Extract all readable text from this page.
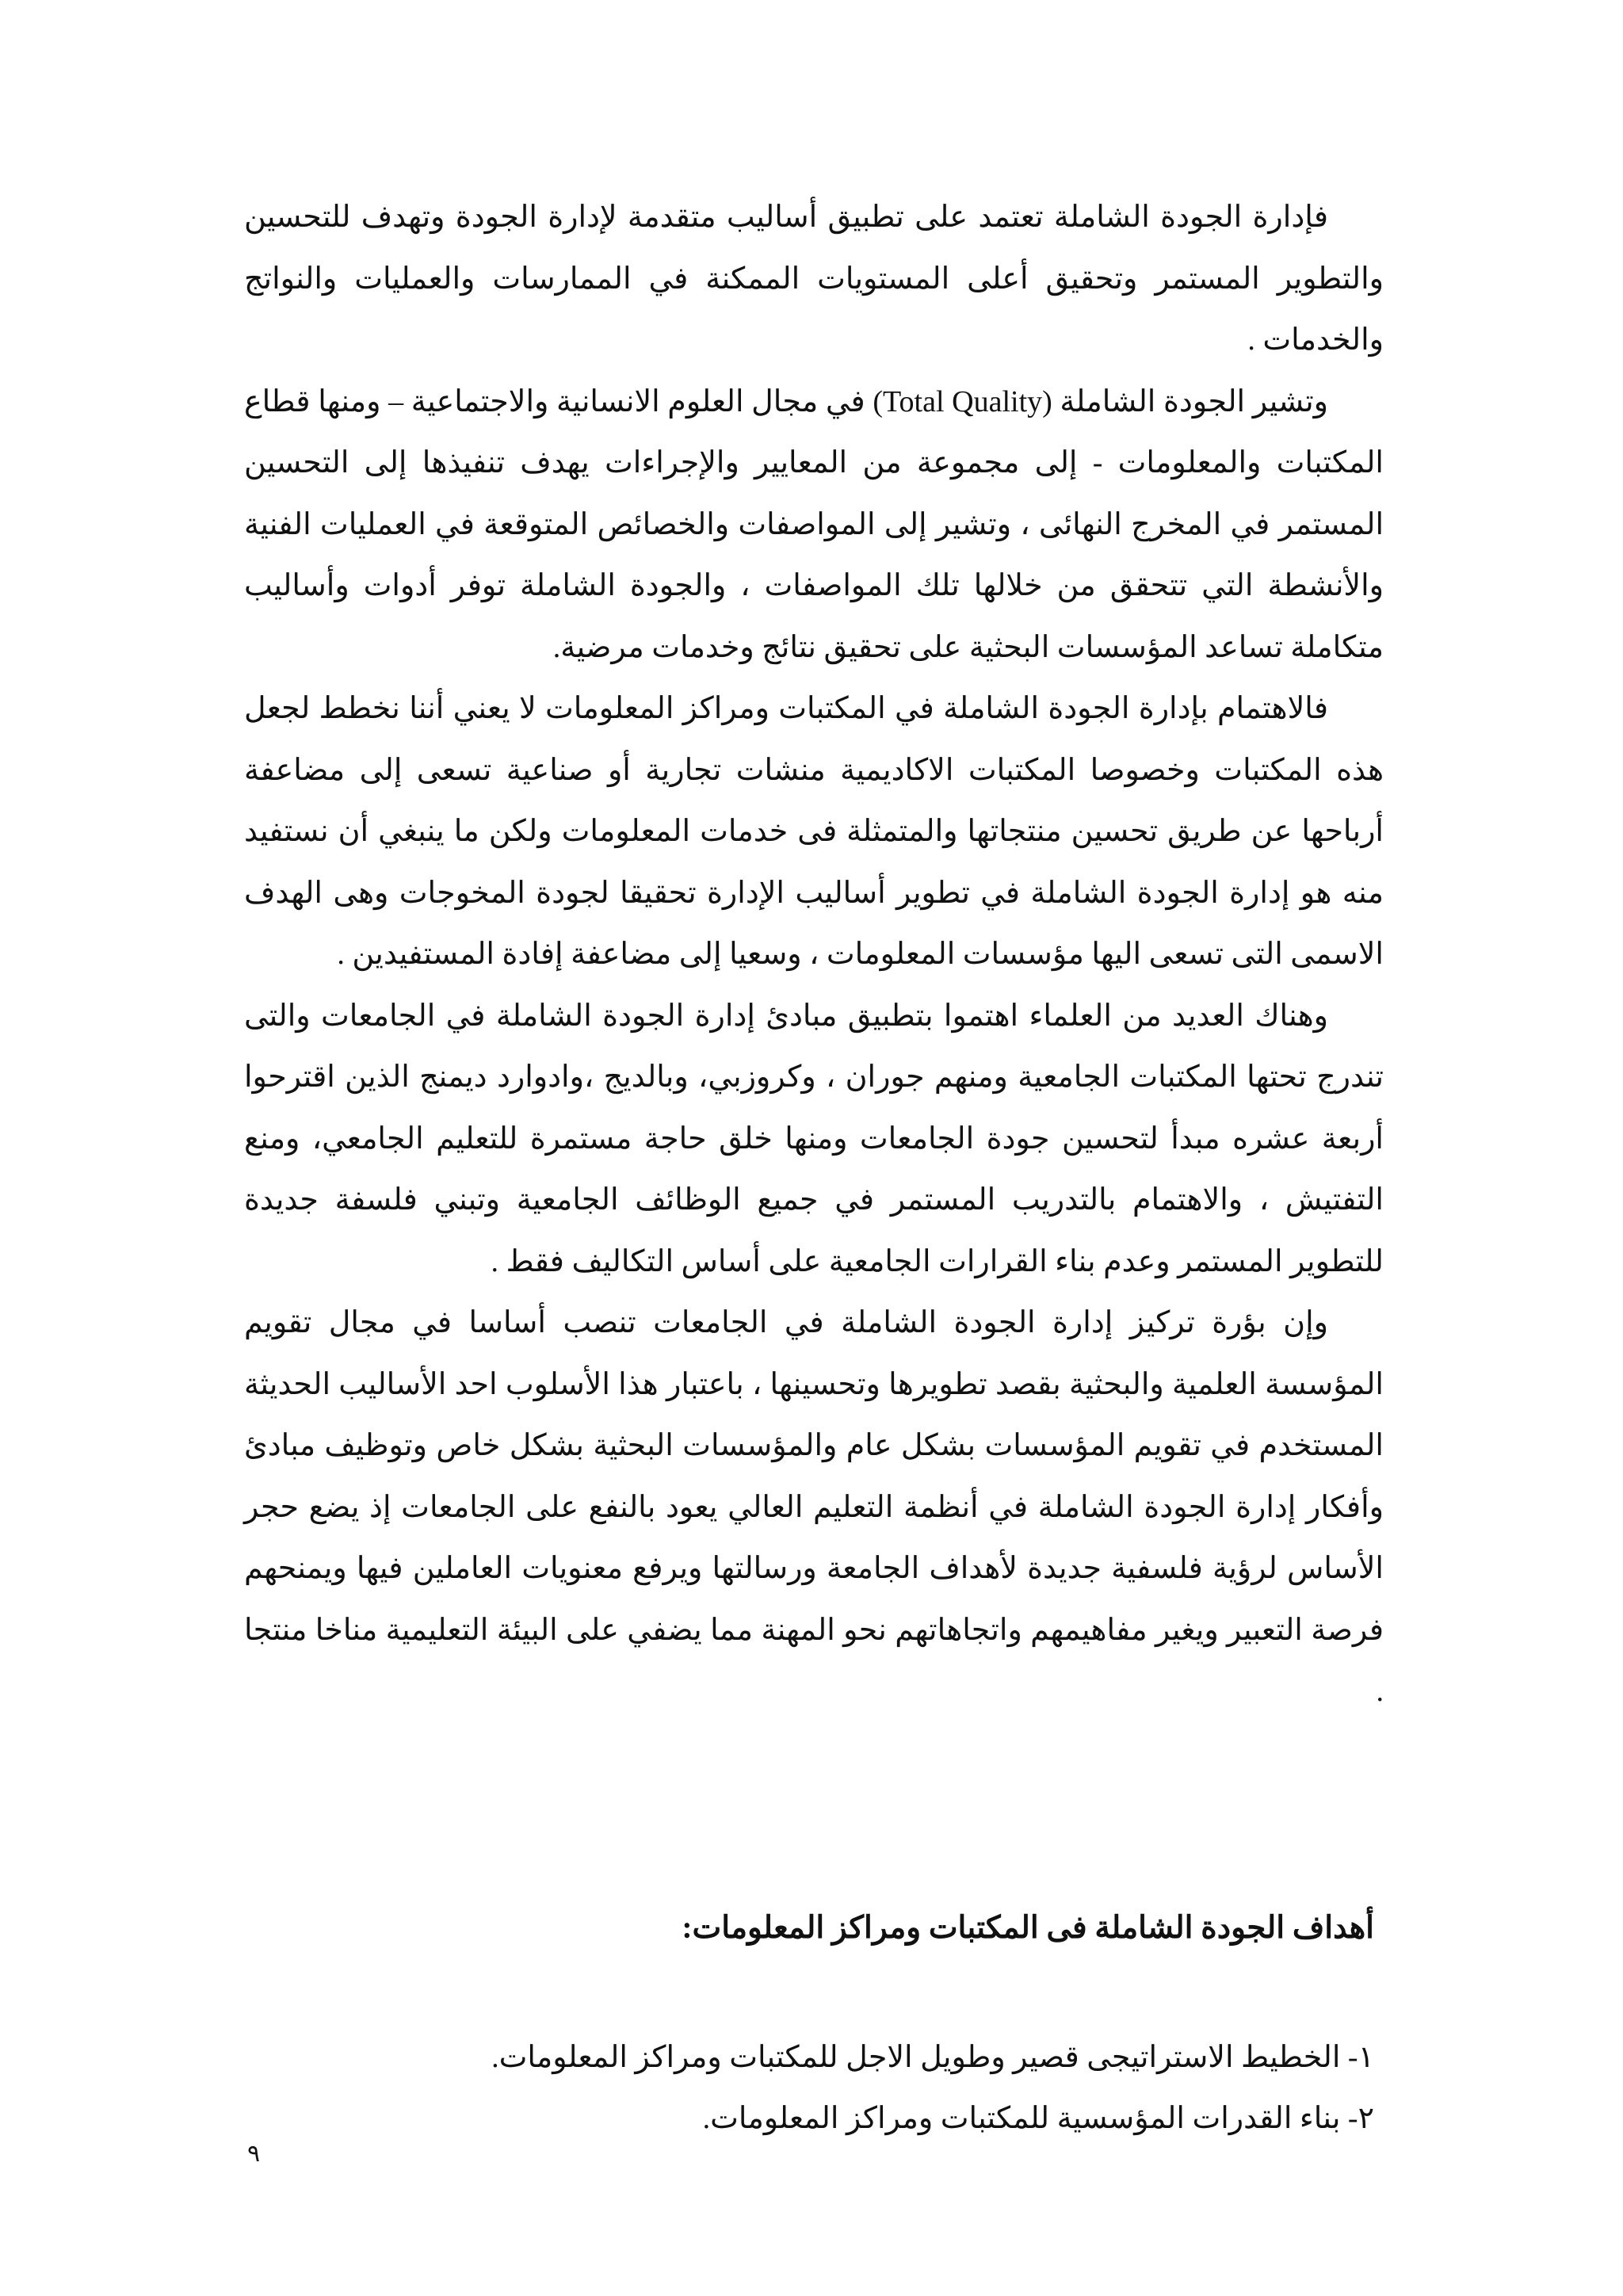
فإدارة الجودة الشاملة تعتمد على تطبيق أساليب متقدمة لإدارة الجودة وتهدف للتحسين والتطوير المستمر وتحقيق أعلى المستويات الممكنة في الممارسات والعمليات والنواتج والخدمات .

وتشير الجودة الشاملة (Total Quality) في مجال العلوم الانسانية والاجتماعية – ومنها قطاع المكتبات والمعلومات - إلى مجموعة من المعايير والإجراءات يهدف تنفيذها إلى التحسين المستمر في المخرج النهائى ، وتشير إلى المواصفات والخصائص المتوقعة في العمليات الفنية والأنشطة التي تتحقق من خلالها تلك المواصفات ، والجودة الشاملة توفر أدوات وأساليب متكاملة تساعد المؤسسات البحثية على تحقيق نتائج وخدمات مرضية.

فالاهتمام بإدارة الجودة الشاملة في المكتبات ومراكز المعلومات لا يعني أننا نخطط لجعل هذه المكتبات وخصوصا المكتبات الاكاديمية منشات تجارية أو صناعية تسعى إلى مضاعفة أرباحها عن طريق تحسين منتجاتها والمتمثلة فى خدمات المعلومات ولكن ما ينبغي أن نستفيد منه هو إدارة الجودة الشاملة في تطوير أساليب الإدارة تحقيقا لجودة المخوجات وهى الهدف الاسمى التى تسعى اليها مؤسسات المعلومات ، وسعيا إلى مضاعفة إفادة المستفيدين .

وهناك العديد من العلماء اهتموا بتطبيق مبادئ إدارة الجودة الشاملة في الجامعات والتى تندرج تحتها المكتبات الجامعية ومنهم جوران ، وكروزبي، وبالديج ،وادوارد ديمنج الذين اقترحوا أربعة عشره مبدأ لتحسين جودة الجامعات ومنها خلق حاجة مستمرة للتعليم الجامعي، ومنع التفتيش ، والاهتمام بالتدريب المستمر في جميع الوظائف الجامعية وتبني فلسفة جديدة للتطوير المستمر وعدم بناء القرارات الجامعية على أساس التكاليف فقط .

وإن بؤرة تركيز إدارة الجودة الشاملة في الجامعات تنصب أساسا في مجال تقويم المؤسسة العلمية والبحثية بقصد تطويرها وتحسينها ، باعتبار هذا الأسلوب احد الأساليب الحديثة المستخدم في تقويم المؤسسات بشكل عام والمؤسسات البحثية بشكل خاص وتوظيف مبادئ وأفكار إدارة الجودة الشاملة في أنظمة التعليم العالي يعود بالنفع على الجامعات إذ يضع حجر الأساس لرؤية فلسفية جديدة لأهداف الجامعة ورسالتها ويرفع معنويات العاملين فيها ويمنحهم فرصة التعبير ويغير مفاهيمهم واتجاهاتهم نحو المهنة مما يضفي على البيئة التعليمية مناخا منتجا .

أهداف الجودة الشاملة فى المكتبات ومراكز المعلومات:
١- الخطيط الاستراتيجى قصير وطويل الاجل للمكتبات ومراكز المعلومات.
٢- بناء القدرات المؤسسية للمكتبات ومراكز المعلومات.
٩
